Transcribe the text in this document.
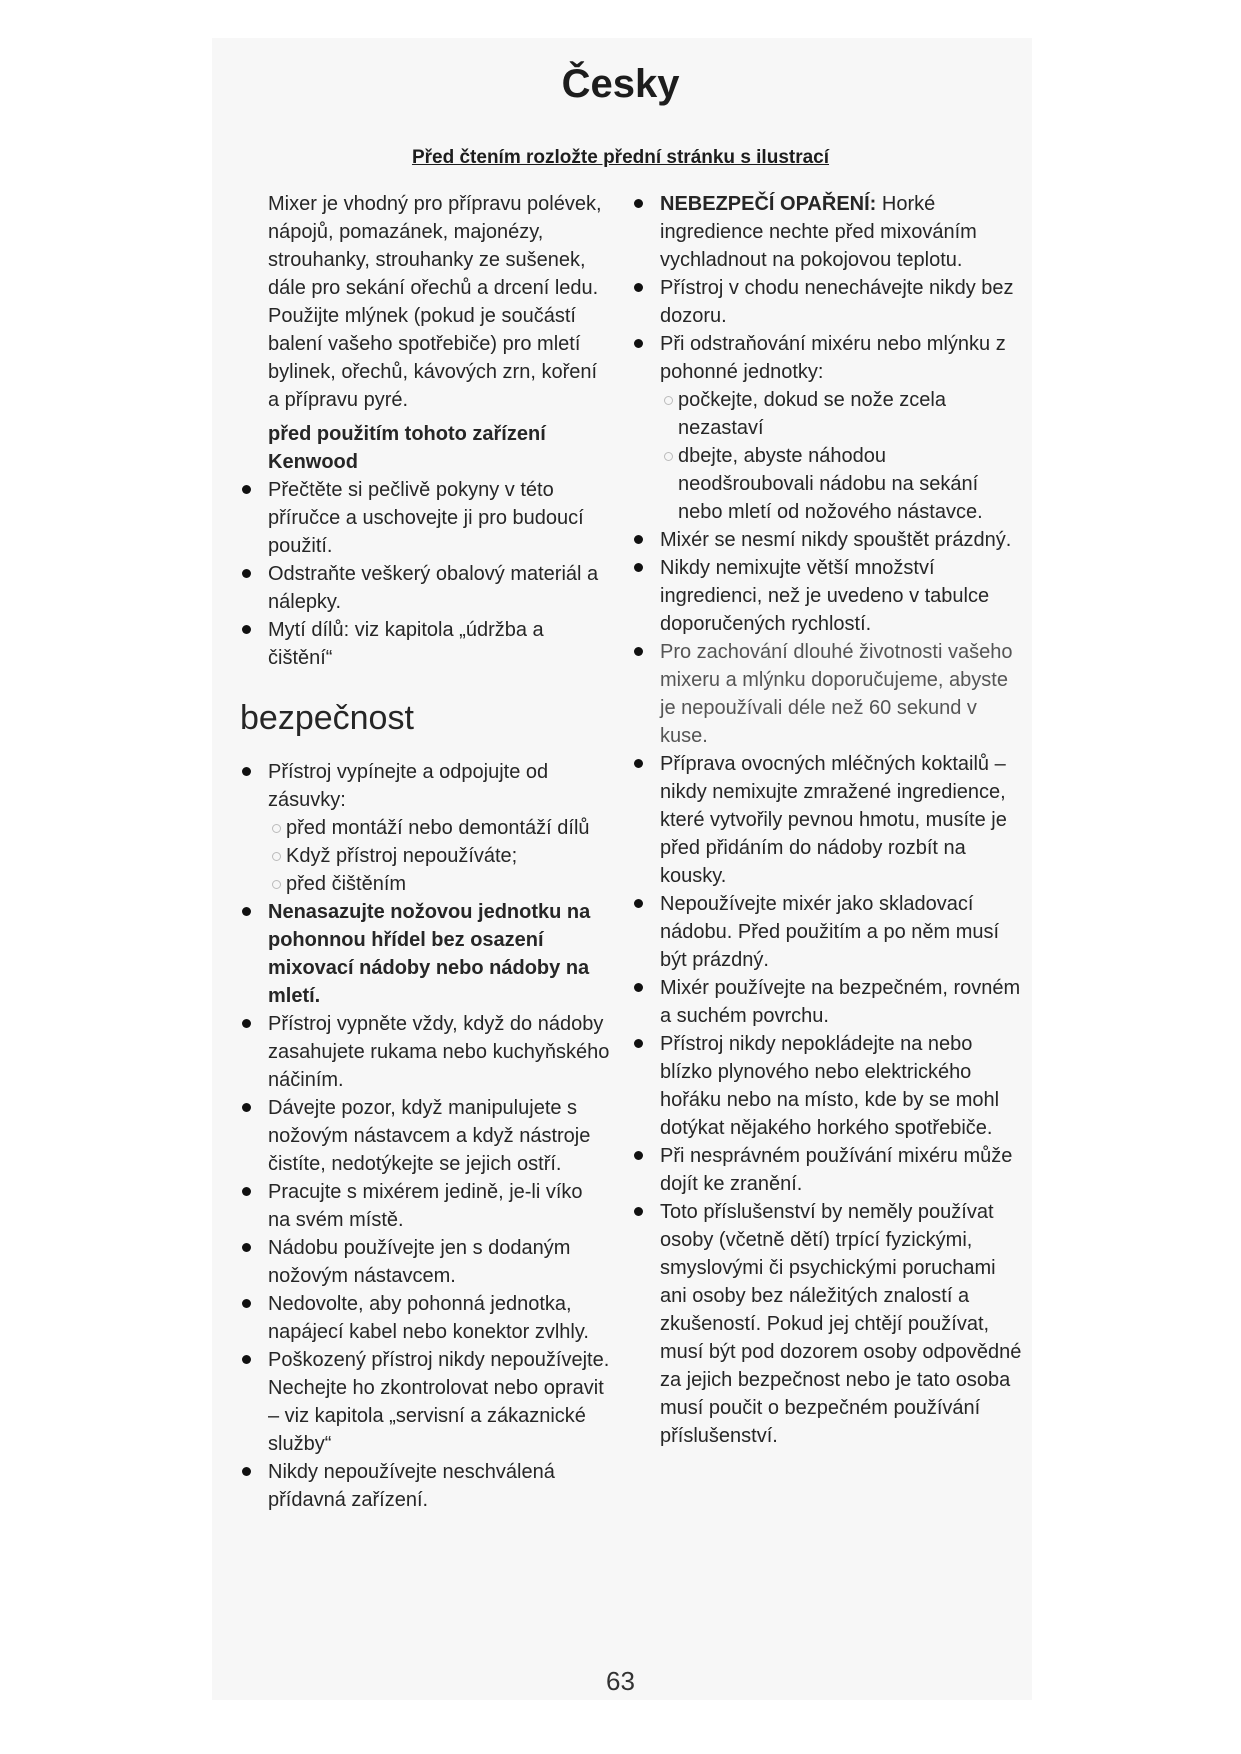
Česky
Před čtením rozložte přední stránku s ilustrací

Mixer je vhodný pro přípravu polévek, nápojů, pomazánek, majonézy, strouhanky, strouhanky ze sušenek, dále pro sekání ořechů a drcení ledu. Použijte mlýnek (pokud je součástí balení vašeho spotřebiče) pro mletí bylinek, ořechů, kávových zrn, koření a přípravu pyré.

před použitím tohoto zařízení Kenwood

Přečtěte si pečlivě pokyny v této příručce a uschovejte ji pro budoucí použití.
Odstraňte veškerý obalový materiál a nálepky.
Mytí dílů: viz kapitola „údržba a čištění“
bezpečnost
Přístroj vypínejte a odpojujte od zásuvky:
před montáží nebo demontáží dílů
Když přístroj nepoužíváte;
před čištěním
Nenasazujte nožovou jednotku na pohonnou hřídel bez osazení mixovací nádoby nebo nádoby na mletí.
Přístroj vypněte vždy, když do nádoby zasahujete rukama nebo kuchyňského náčiním.
Dávejte pozor, když manipulujete s nožovým nástavcem a když nástroje čistíte, nedotýkejte se jejich ostří.
Pracujte s mixérem jedině, je-li víko na svém místě.
Nádobu používejte jen s dodaným nožovým nástavcem.
Nedovolte, aby pohonná jednotka, napájecí kabel nebo konektor zvlhly.
Poškozený přístroj nikdy nepoužívejte. Nechejte ho zkontrolovat nebo opravit – viz kapitola „servisní a zákaznické služby“
Nikdy nepoužívejte neschválená přídavná zařízení.
NEBEZPEČÍ OPAŘENÍ: Horké ingredience nechte před mixováním vychladnout na pokojovou teplotu.
Přístroj v chodu nenechávejte nikdy bez dozoru.
Při odstraňování mixéru nebo mlýnku z pohonné jednotky:
počkejte, dokud se nože zcela nezastaví
dbejte, abyste náhodou neodšroubovali nádobu na sekání nebo mletí od nožového nástavce.
Mixér se nesmí nikdy spouštět prázdný.
Nikdy nemixujte větší množství ingredienci, než je uvedeno v tabulce doporučených rychlostí.
Pro zachování dlouhé životnosti vašeho mixeru a mlýnku doporučujeme, abyste je nepoužívali déle než 60 sekund v kuse.
Příprava ovocných mléčných koktailů – nikdy nemixujte zmražené ingredience, které vytvořily pevnou hmotu, musíte je před přidáním do nádoby rozbít na kousky.
Nepoužívejte mixér jako skladovací nádobu. Před použitím a po něm musí být prázdný.
Mixér používejte na bezpečném, rovném a suchém povrchu.
Přístroj nikdy nepokládejte na nebo blízko plynového nebo elektrického hořáku nebo na místo, kde by se mohl dotýkat nějakého horkého spotřebiče.
Při nesprávném používání mixéru může dojít ke zranění.
Toto příslušenství by neměly používat osoby (včetně dětí) trpící fyzickými, smyslovými či psychickými poruchami ani osoby bez náležitých znalostí a zkušeností. Pokud jej chtějí používat, musí být pod dozorem osoby odpovědné za jejich bezpečnost nebo je tato osoba musí poučit o bezpečném používání příslušenství.
63
